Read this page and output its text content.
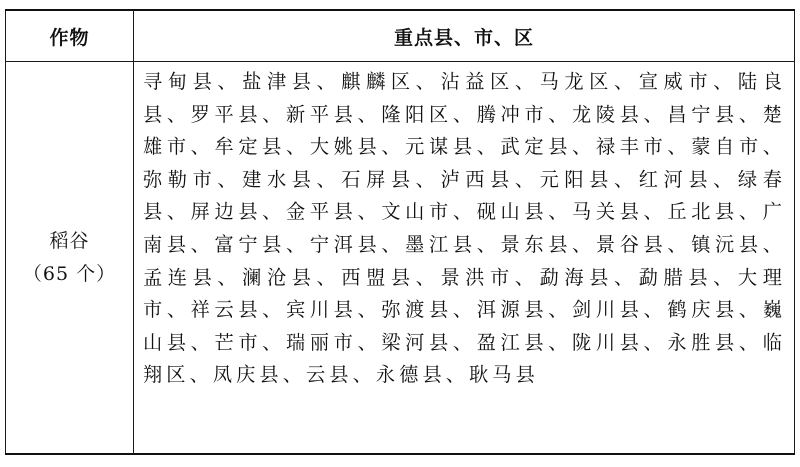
作物	重点县、市、区

稻谷
（65 个）	寻甸县、盐津县、麒麟区、沾益区、马龙区、宣威市、陆良县、罗平县、新平县、隆阳区、腾冲市、龙陵县、昌宁县、楚雄市、牟定县、大姚县、元谋县、武定县、禄丰市、蒙自市、弥勒市、建水县、石屏县、泸西县、元阳县、红河县、绿春县、屏边县、金平县、文山市、砚山县、马关县、丘北县、广南县、富宁县、宁洱县、墨江县、景东县、景谷县、镇沅县、孟连县、澜沧县、西盟县、景洪市、勐海县、勐腊县、大理市、祥云县、宾川县、弥渡县、洱源县、剑川县、鹤庆县、巍山县、芒市、瑞丽市、梁河县、盈江县、陇川县、永胜县、临翔区、凤庆县、云县、永德县、耿马县
